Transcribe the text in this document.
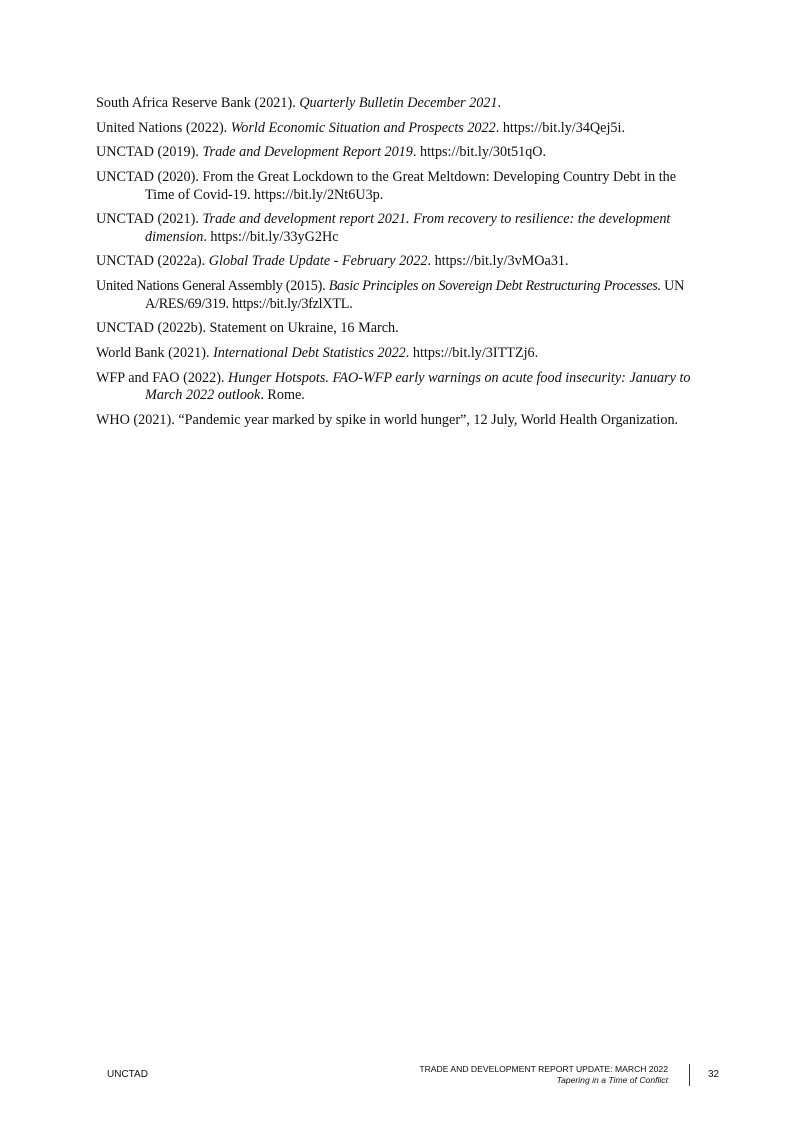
South Africa Reserve Bank (2021). Quarterly Bulletin December 2021.
United Nations (2022). World Economic Situation and Prospects 2022. https://bit.ly/34Qej5i.
UNCTAD (2019). Trade and Development Report 2019. https://bit.ly/30t51qO.
UNCTAD (2020). From the Great Lockdown to the Great Meltdown: Developing Country Debt in the Time of Covid-19. https://bit.ly/2Nt6U3p.
UNCTAD (2021). Trade and development report 2021. From recovery to resilience: the development dimension. https://bit.ly/33yG2Hc
UNCTAD (2022a). Global Trade Update - February 2022. https://bit.ly/3vMOa31.
United Nations General Assembly (2015). Basic Principles on Sovereign Debt Restructuring Processes. UN A/RES/69/319. https://bit.ly/3fzlXTL.
UNCTAD (2022b). Statement on Ukraine, 16 March.
World Bank (2021). International Debt Statistics 2022. https://bit.ly/3ITTZj6.
WFP and FAO (2022). Hunger Hotspots. FAO-WFP early warnings on acute food insecurity: January to March 2022 outlook. Rome.
WHO (2021). “Pandemic year marked by spike in world hunger”, 12 July, World Health Organization.
UNCTAD	TRADE AND DEVELOPMENT REPORT UPDATE: MARCH 2022
Tapering in a Time of Conflict	32
